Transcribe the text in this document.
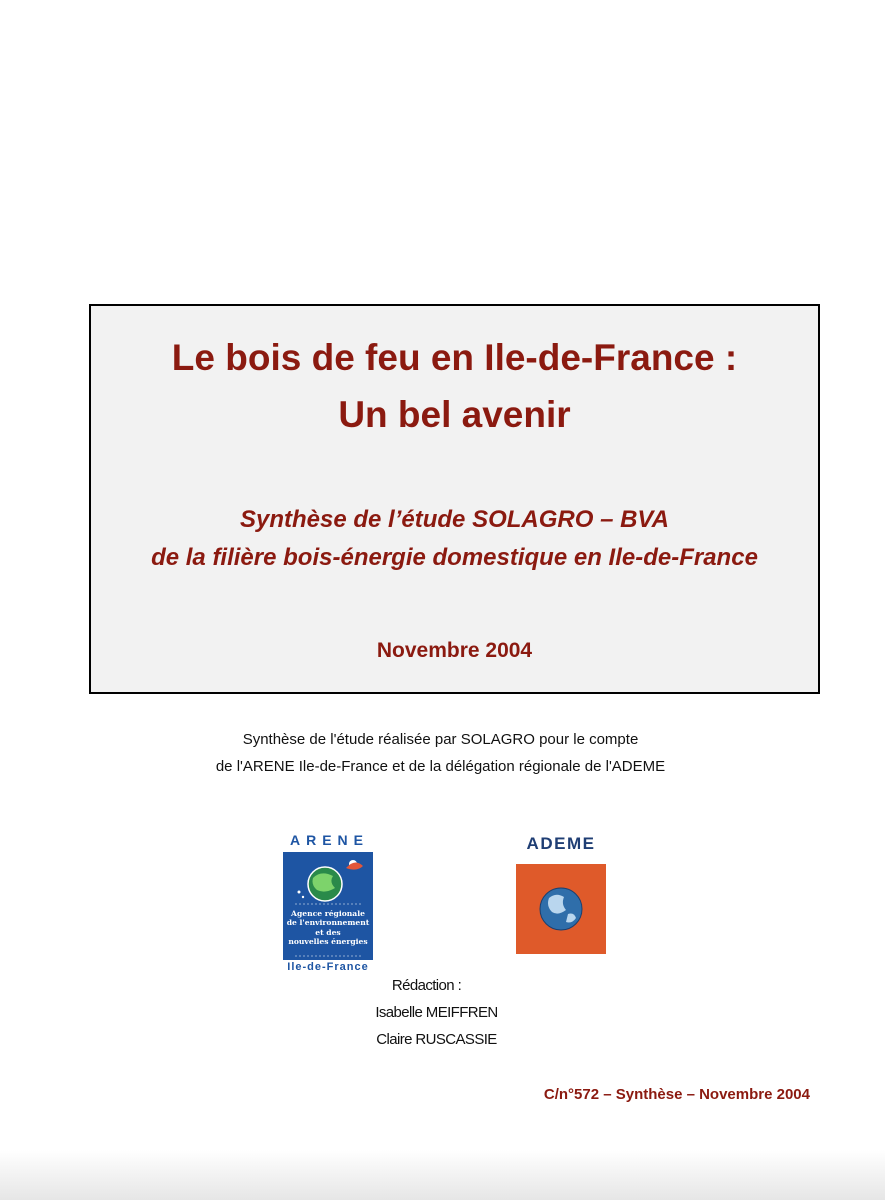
Le bois de feu en Ile-de-France :
Un bel avenir
Synthèse de l’étude SOLAGRO – BVA
de la filière bois-énergie domestique en Ile-de-France
Novembre 2004
Synthèse de l'étude réalisée par SOLAGRO pour le compte
de l'ARENE Ile-de-France et de la délégation régionale de l'ADEME
ARENE
Agence régionale
de l'environnement
et des
nouvelles énergies
Ile-de-France
ADEME
Rédaction :
Isabelle MEIFFREN
Claire RUSCASSIE
C/n°572 – Synthèse – Novembre 2004
